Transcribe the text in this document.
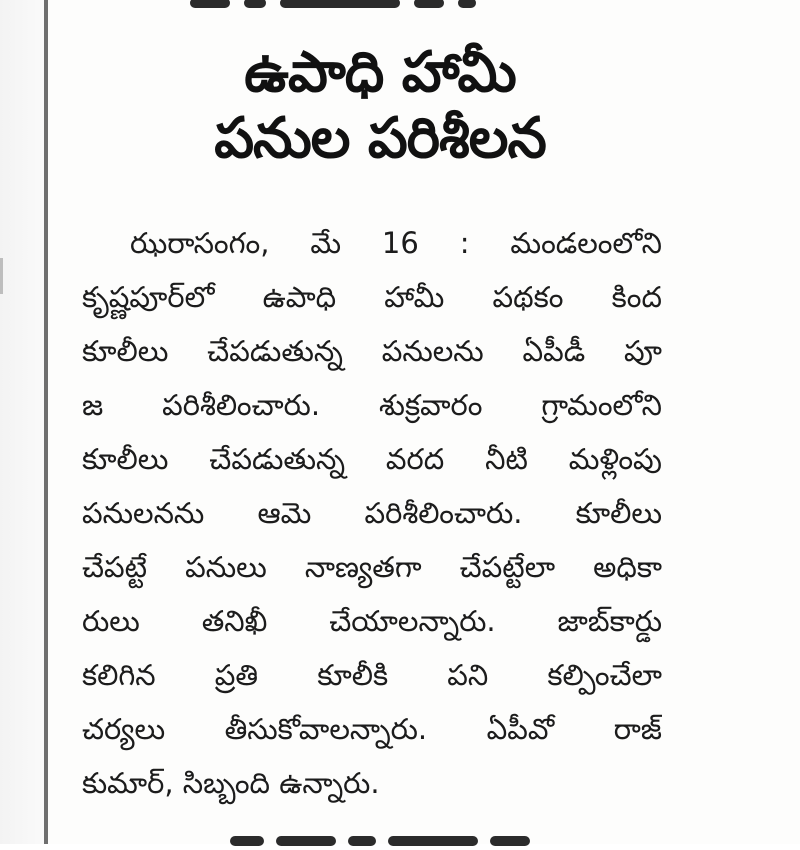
ఉపాధి హామీ
పనుల పరిశీలన
ఝరాసంగం, మే 16 : మండలంలోని
కృష్ణపూర్‌లో ఉపాధి హామీ పథకం కింద
కూలీలు చేపడుతున్న పనులను ఏపీడీ పూ
జ పరిశీలించారు. శుక్రవారం గ్రామంలోని
కూలీలు చేపడుతున్న వరద నీటి మళ్లింపు
పనులనను ఆమె పరిశీలించారు. కూలీలు
చేపట్టే పనులు నాణ్యతగా చేపట్టేలా అధికా
రులు తనిఖీ చేయాలన్నారు. జాబ్‌కార్డు
కలిగిన ప్రతి కూలీకి పని కల్పించేలా
చర్యలు తీసుకోవాలన్నారు. ఏపీవో రాజ్
కుమార్, సిబ్బంది ఉన్నారు.
